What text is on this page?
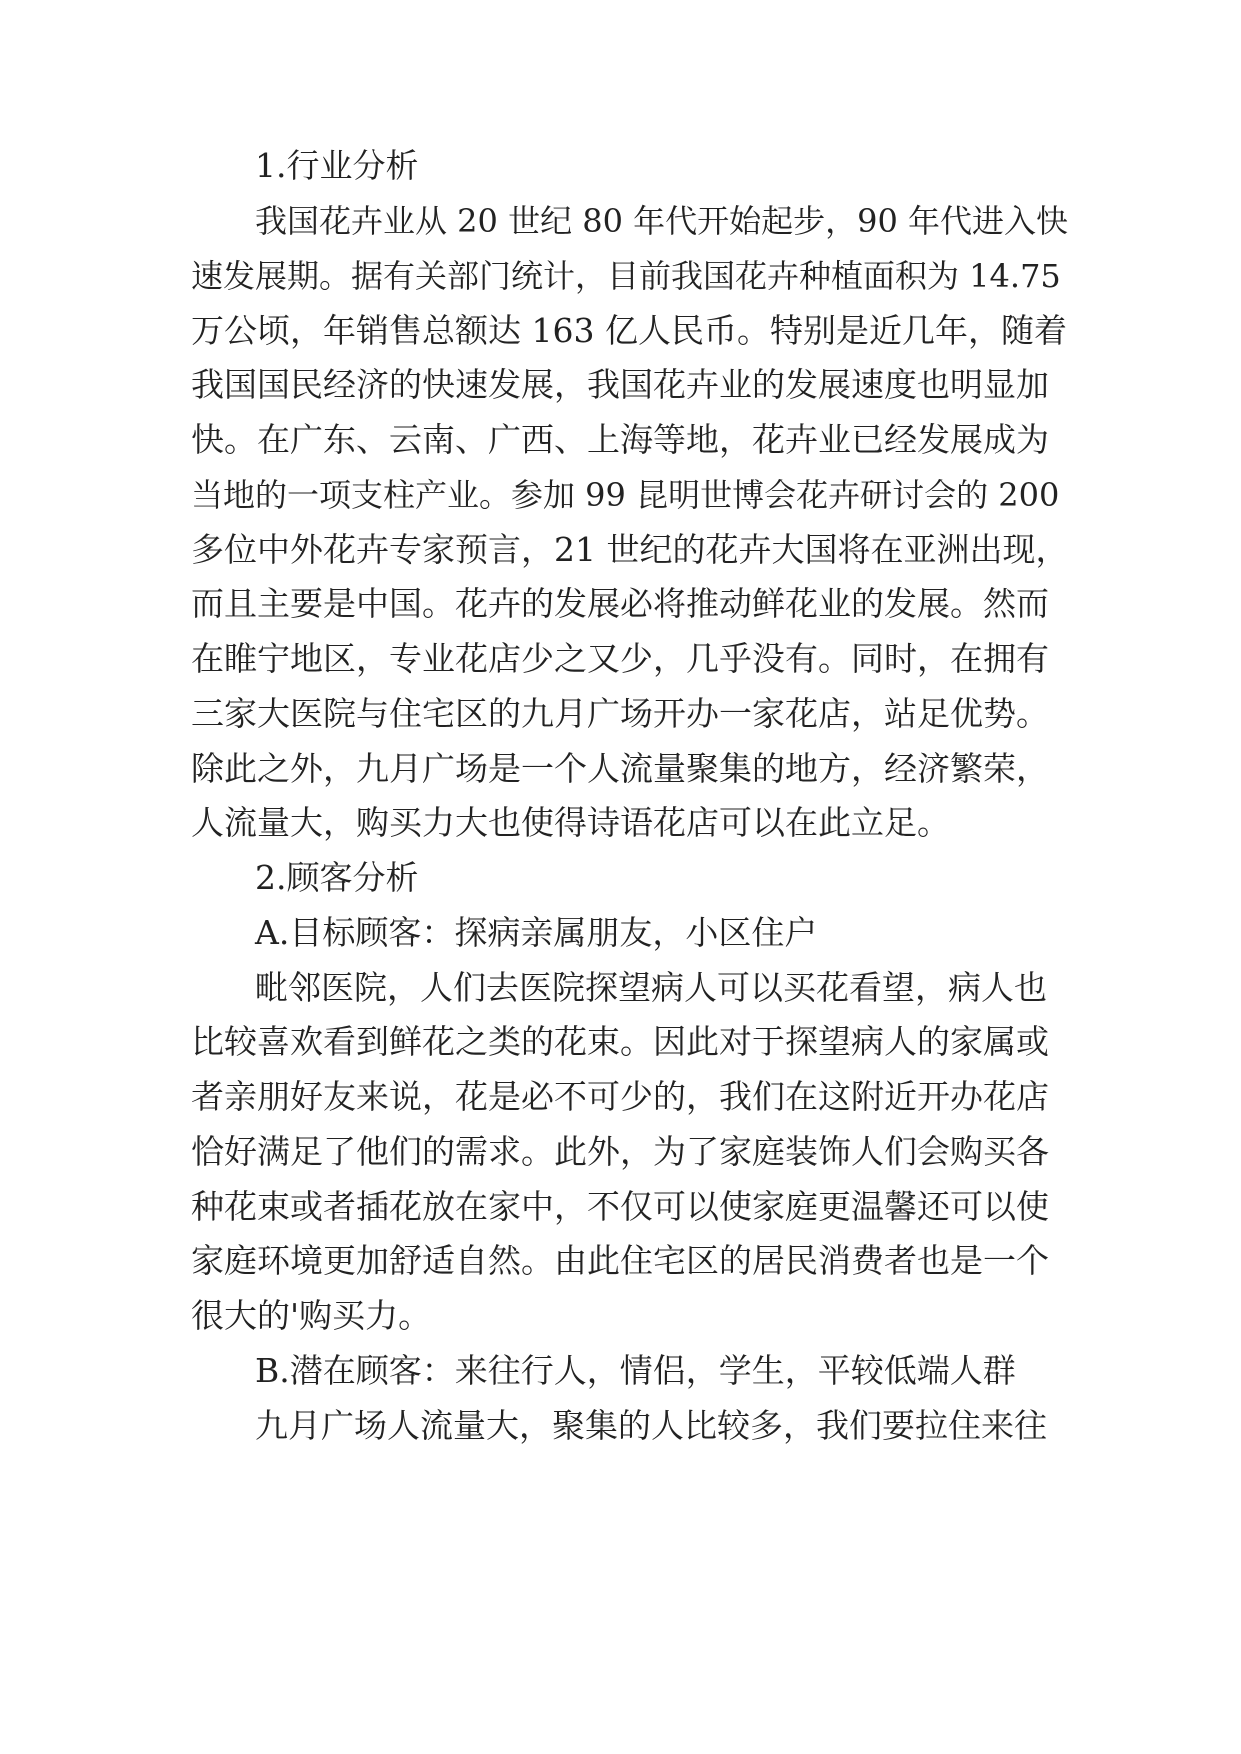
1.行业分析
我国花卉业从 20 世纪 80 年代开始起步，90 年代进入快
速发展期。据有关部门统计，目前我国花卉种植面积为 14.75
万公顷，年销售总额达 163 亿人民币。特别是近几年，随着
我国国民经济的快速发展，我国花卉业的发展速度也明显加
快。在广东、云南、广西、上海等地，花卉业已经发展成为
当地的一项支柱产业。参加 99 昆明世博会花卉研讨会的 200
多位中外花卉专家预言，21 世纪的花卉大国将在亚洲出现，
而且主要是中国。花卉的发展必将推动鲜花业的发展。然而
在睢宁地区，专业花店少之又少，几乎没有。同时，在拥有
三家大医院与住宅区的九月广场开办一家花店，站足优势。
除此之外，九月广场是一个人流量聚集的地方，经济繁荣，
人流量大，购买力大也使得诗语花店可以在此立足。
2.顾客分析
A.目标顾客：探病亲属朋友，小区住户
毗邻医院，人们去医院探望病人可以买花看望，病人也
比较喜欢看到鲜花之类的花束。因此对于探望病人的家属或
者亲朋好友来说，花是必不可少的，我们在这附近开办花店
恰好满足了他们的需求。此外，为了家庭装饰人们会购买各
种花束或者插花放在家中，不仅可以使家庭更温馨还可以使
家庭环境更加舒适自然。由此住宅区的居民消费者也是一个
很大的'购买力。
B.潜在顾客：来往行人，情侣，学生，平较低端人群
九月广场人流量大，聚集的人比较多，我们要拉住来往
